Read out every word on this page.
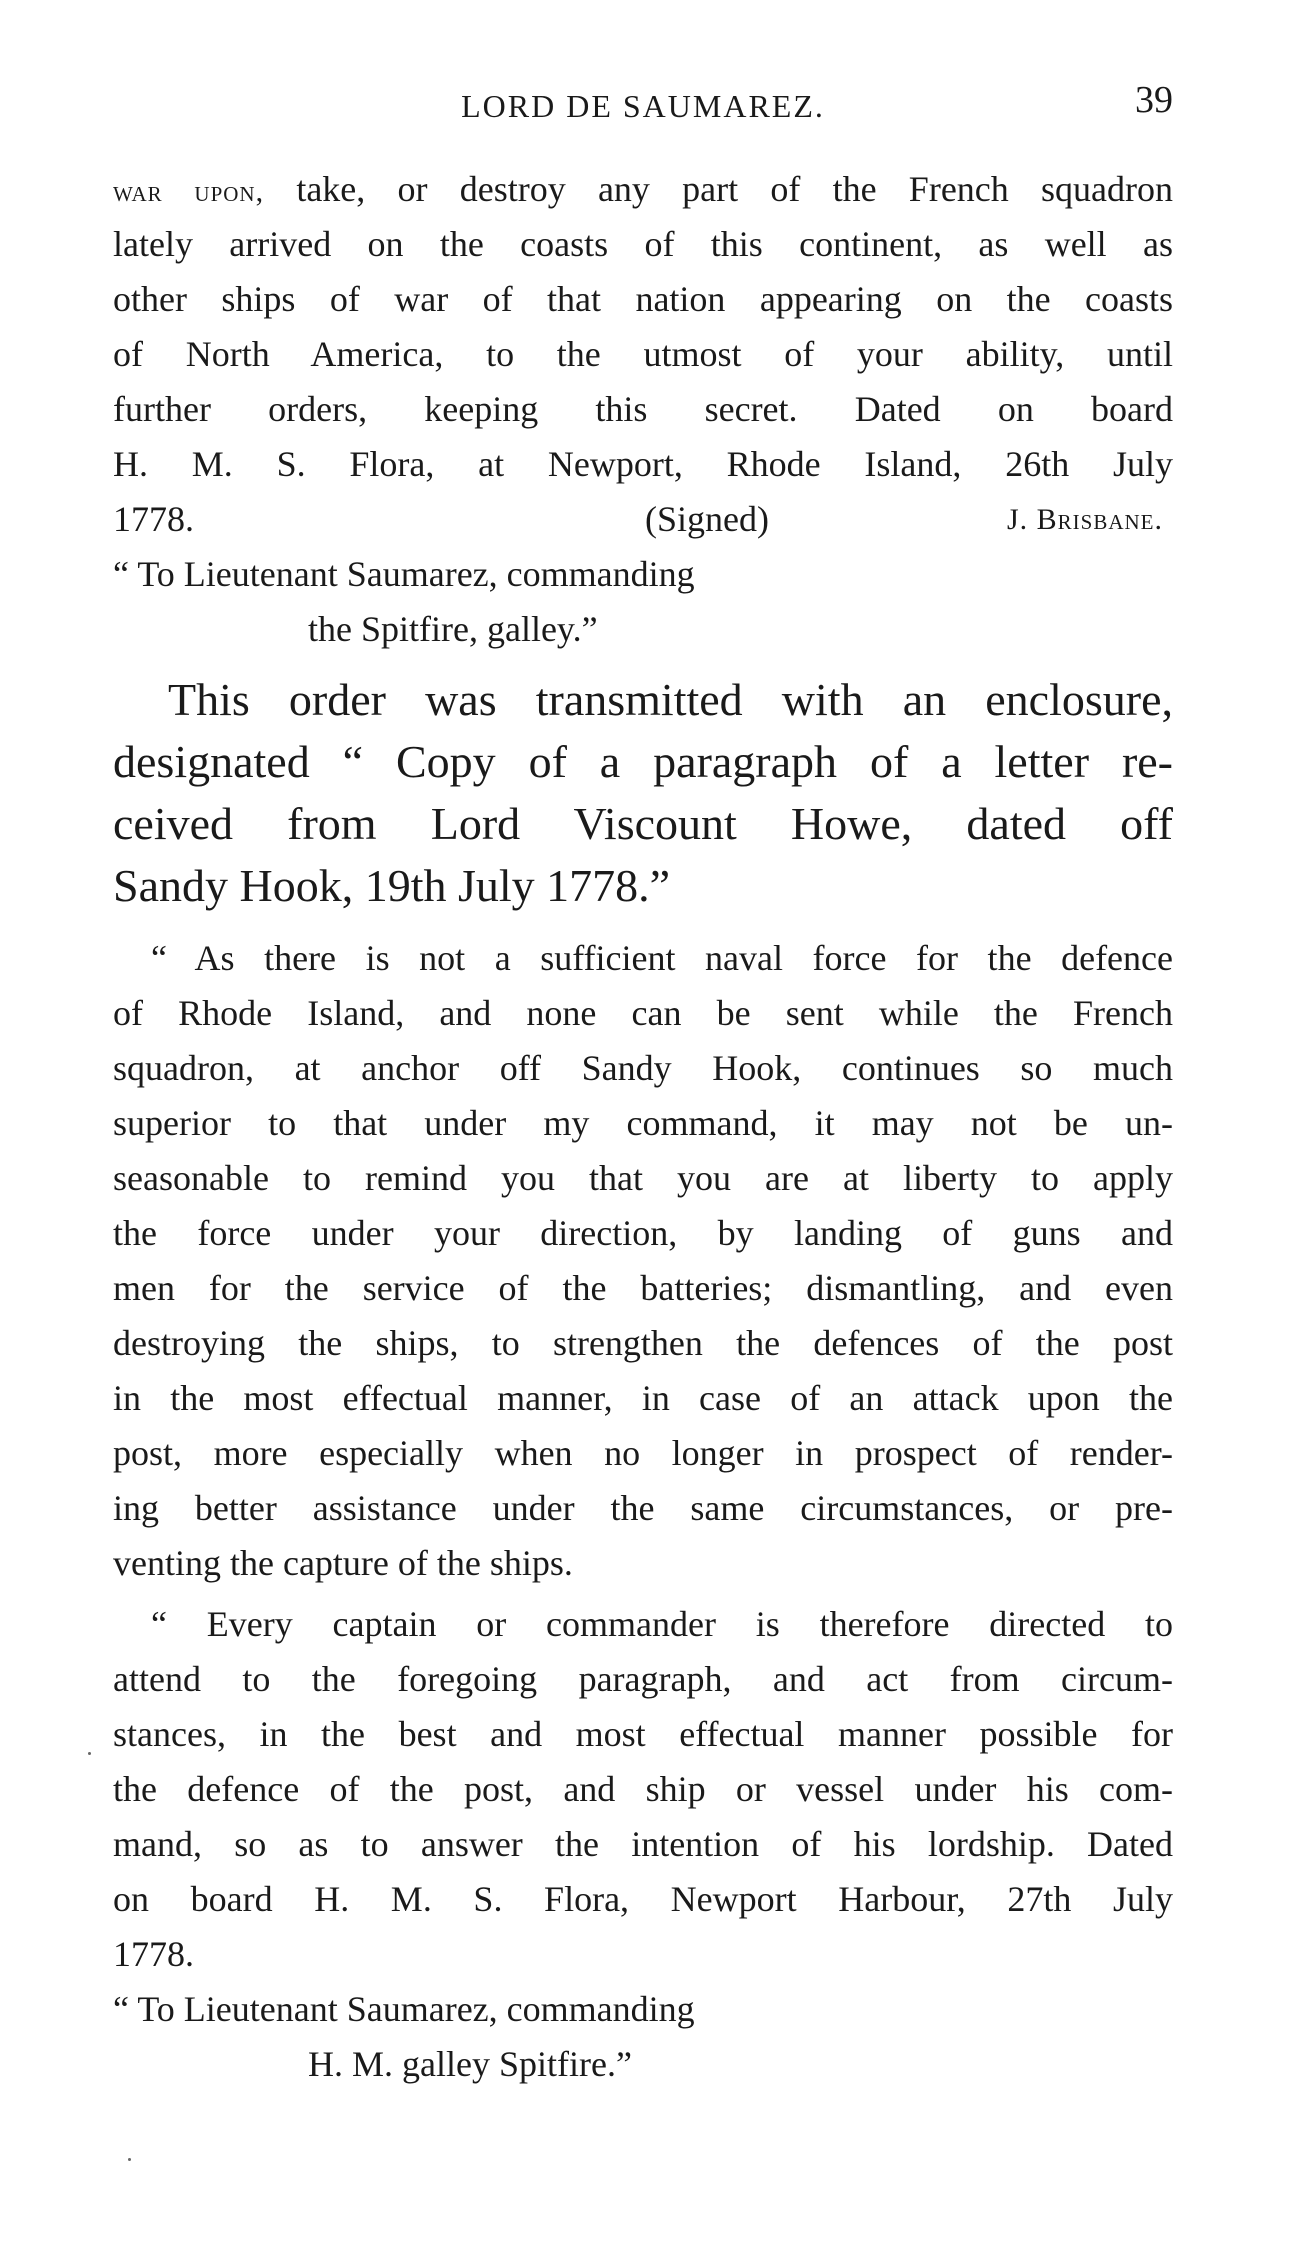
LORD DE SAUMAREZ.	39
war upon, take, or destroy any part of the French squadron
lately arrived on the coasts of this continent, as well as
other ships of war of that nation appearing on the coasts
of North America, to the utmost of your ability, until
further orders, keeping this secret. Dated on board
H. M. S. Flora, at Newport, Rhode Island, 26th July
1778.	(Signed)	J. Brisbane.
“ To Lieutenant Saumarez, commanding
the Spitfire, galley.”
This order was transmitted with an enclosure,
designated “ Copy of a paragraph of a letter re-
ceived from Lord Viscount Howe, dated off
Sandy Hook, 19th July 1778.”
“ As there is not a sufficient naval force for the defence
of Rhode Island, and none can be sent while the French
squadron, at anchor off Sandy Hook, continues so much
superior to that under my command, it may not be un-
seasonable to remind you that you are at liberty to apply
the force under your direction, by landing of guns and
men for the service of the batteries; dismantling, and even
destroying the ships, to strengthen the defences of the post
in the most effectual manner, in case of an attack upon the
post, more especially when no longer in prospect of render-
ing better assistance under the same circumstances, or pre-
venting the capture of the ships.
“ Every captain or commander is therefore directed to
attend to the foregoing paragraph, and act from circum-
stances, in the best and most effectual manner possible for
the defence of the post, and ship or vessel under his com-
mand, so as to answer the intention of his lordship. Dated
on board H. M. S. Flora, Newport Harbour, 27th July
1778.
“ To Lieutenant Saumarez, commanding
H. M. galley Spitfire.”
